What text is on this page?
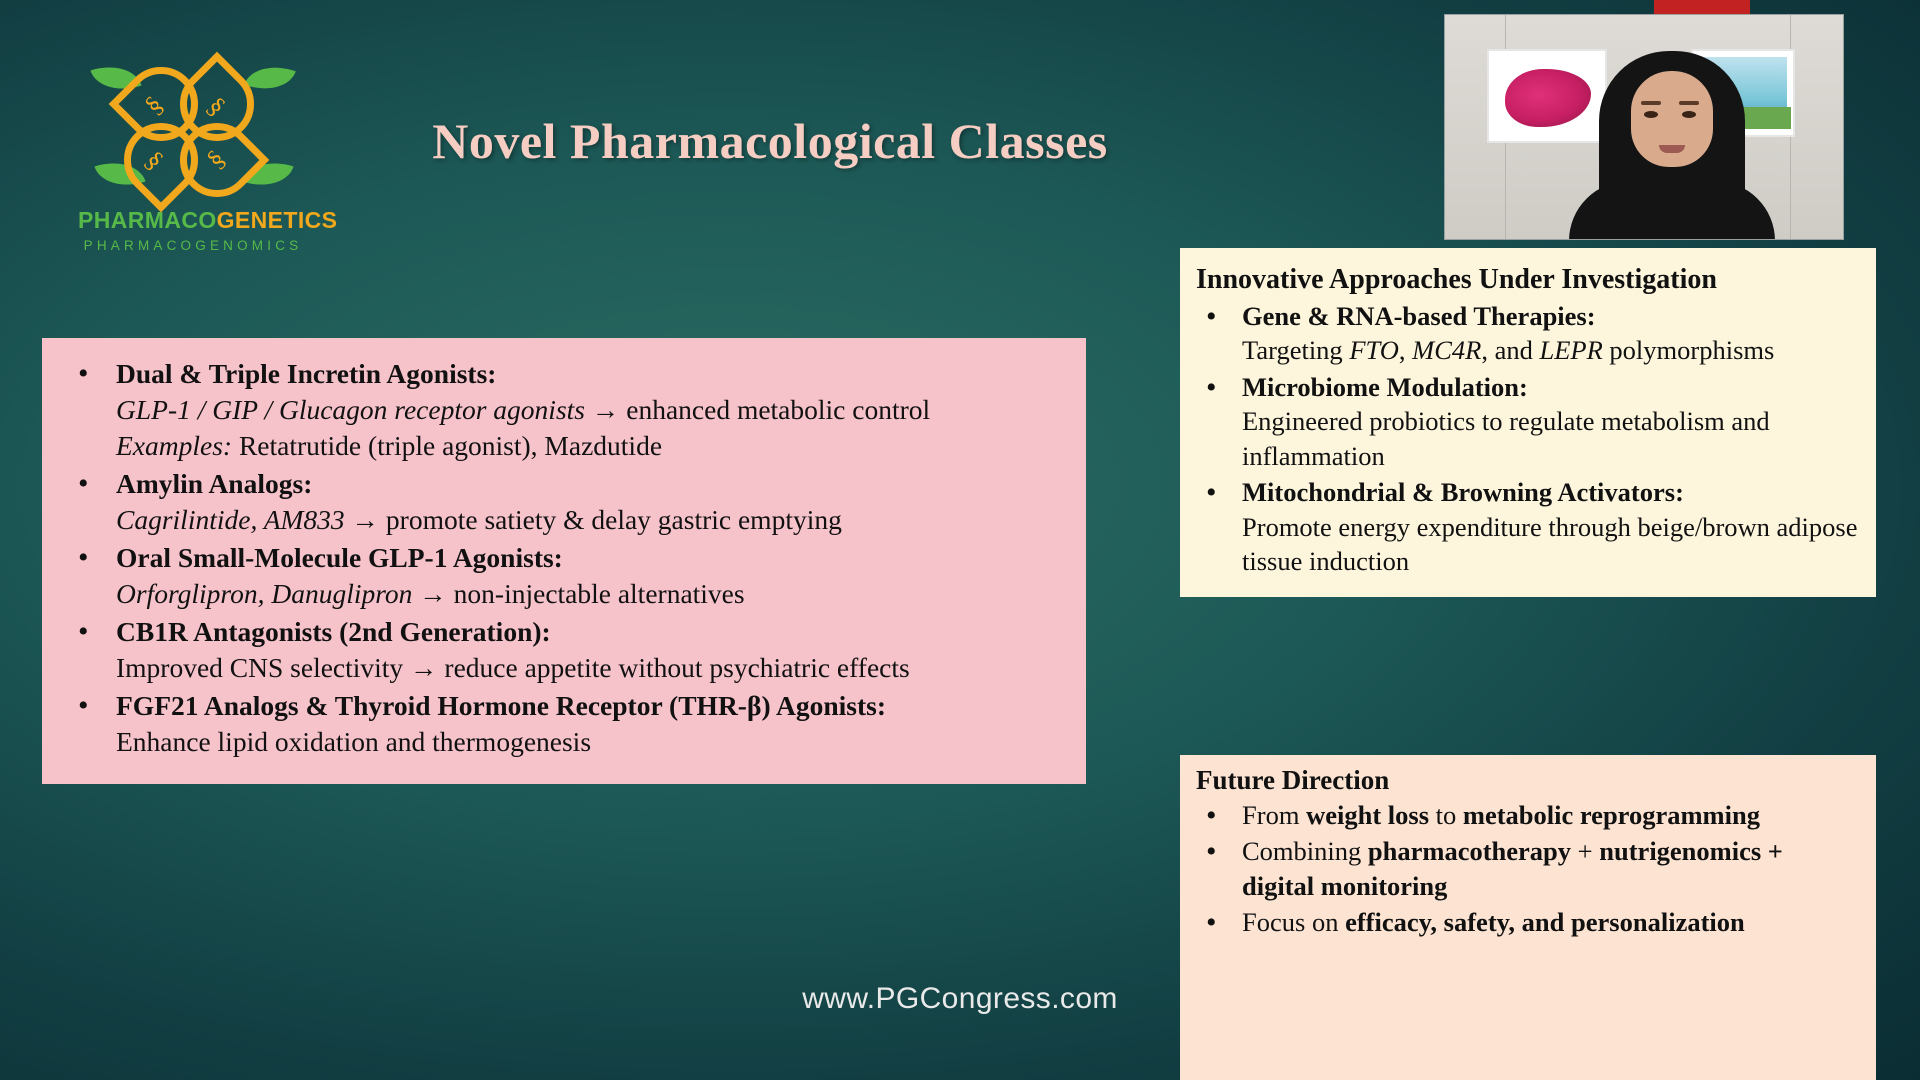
§ §
§ §
PHARMACOGENETICS
PHARMACOGENOMICS
Novel Pharmacological Classes
• Dual & Triple Incretin Agonists:
GLP-1 / GIP / Glucagon receptor agonists → enhanced metabolic control
Examples: Retatrutide (triple agonist), Mazdutide
• Amylin Analogs:
Cagrilintide, AM833 → promote satiety & delay gastric emptying
• Oral Small-Molecule GLP-1 Agonists:
Orforglipron, Danuglipron → non-injectable alternatives
• CB1R Antagonists (2nd Generation):
Improved CNS selectivity → reduce appetite without psychiatric effects
• FGF21 Analogs & Thyroid Hormone Receptor (THR-β) Agonists:
Enhance lipid oxidation and thermogenesis
Innovative Approaches Under Investigation
• Gene & RNA-based Therapies:
Targeting FTO, MC4R, and LEPR polymorphisms
• Microbiome Modulation:
Engineered probiotics to regulate metabolism and inflammation
• Mitochondrial & Browning Activators:
Promote energy expenditure through beige/brown adipose tissue induction
Future Direction
• From weight loss to metabolic reprogramming
• Combining pharmacotherapy + nutrigenomics + digital monitoring
• Focus on efficacy, safety, and personalization
www.PGCongress.com
